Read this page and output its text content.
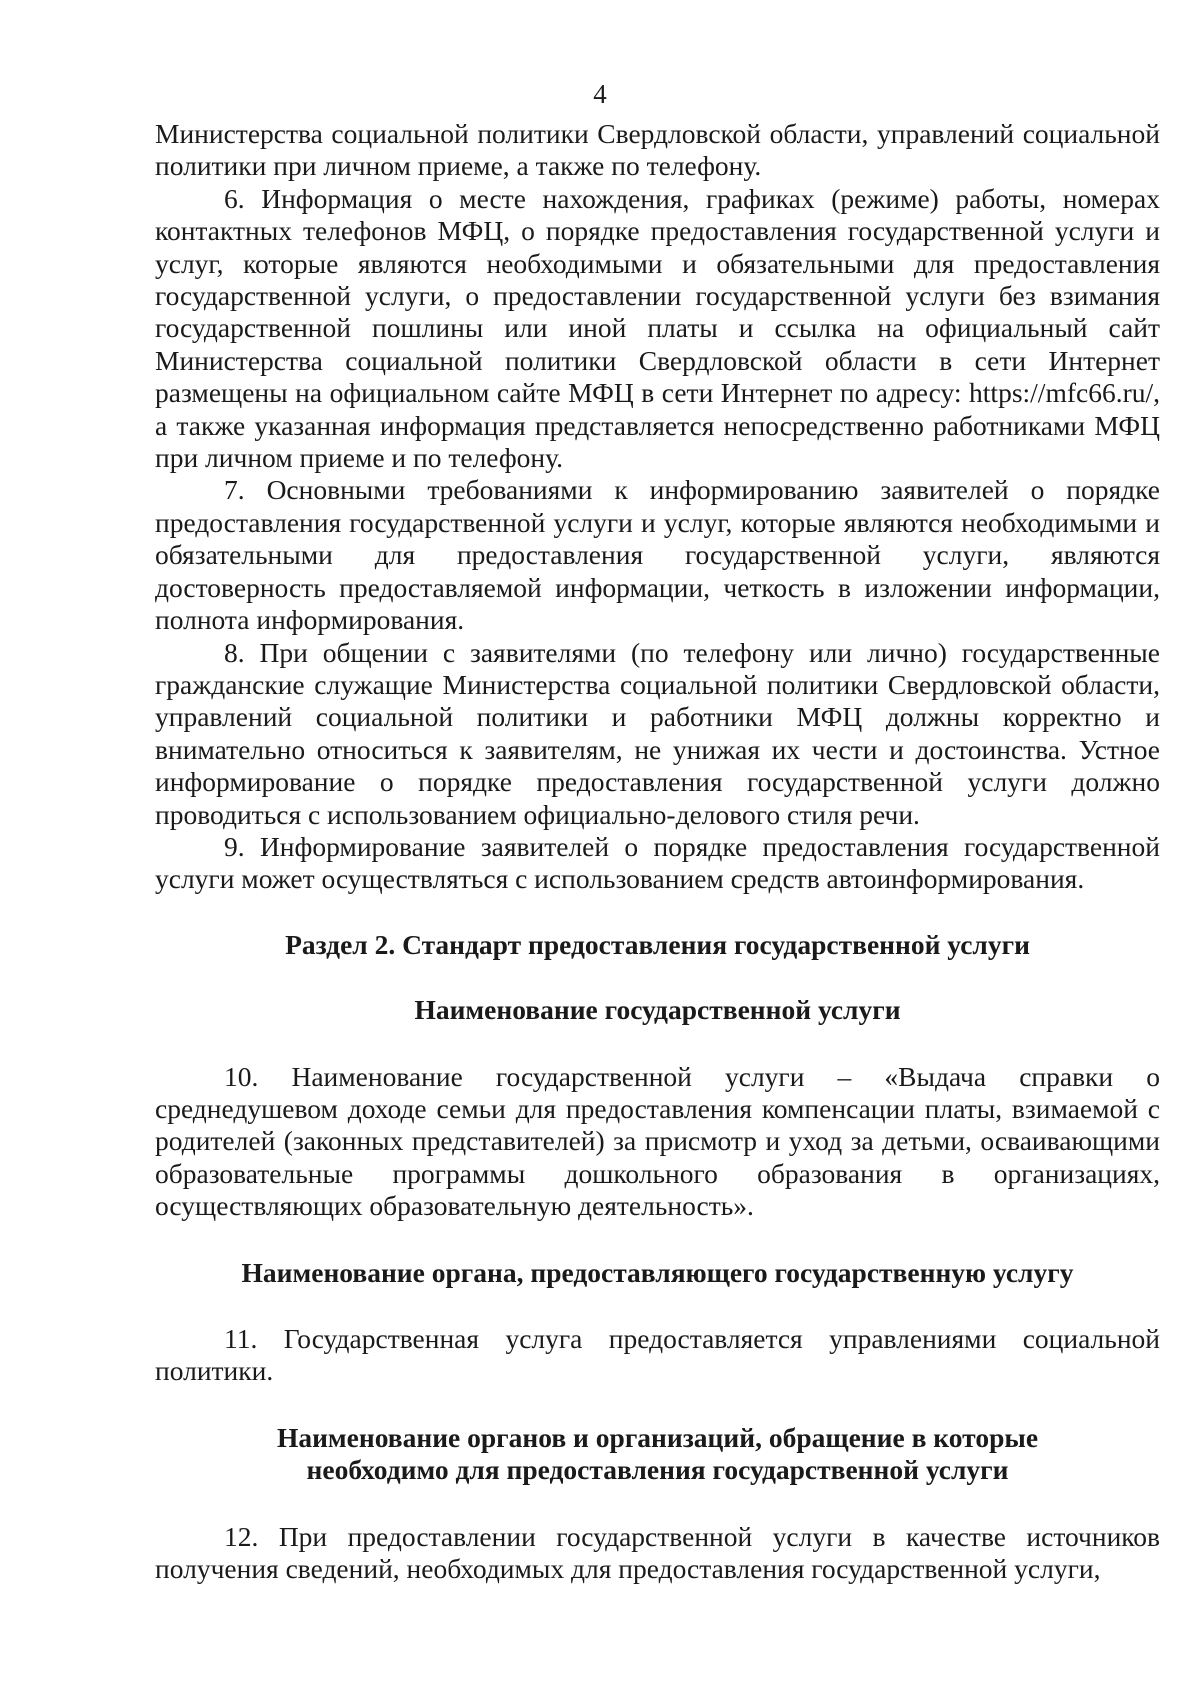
4

Министерства социальной политики Свердловской области, управлений социальной политики при личном приеме, а также по телефону.

6. Информация о месте нахождения, графиках (режиме) работы, номерах контактных телефонов МФЦ, о порядке предоставления государственной услуги и услуг, которые являются необходимыми и обязательными для предоставления государственной услуги, о предоставлении государственной услуги без взимания государственной пошлины или иной платы и ссылка на официальный сайт Министерства социальной политики Свердловской области в сети Интернет размещены на официальном сайте МФЦ в сети Интернет по адресу: https://mfc66.ru/, а также указанная информация представляется непосредственно работниками МФЦ при личном приеме и по телефону.

7. Основными требованиями к информированию заявителей о порядке предоставления государственной услуги и услуг, которые являются необходимыми и обязательными для предоставления государственной услуги, являются достоверность предоставляемой информации, четкость в изложении информации, полнота информирования.

8. При общении с заявителями (по телефону или лично) государственные гражданские служащие Министерства социальной политики Свердловской области, управлений социальной политики и работники МФЦ должны корректно и внимательно относиться к заявителям, не унижая их чести и достоинства. Устное информирование о порядке предоставления государственной услуги должно проводиться с использованием официально-делового стиля речи.

9. Информирование заявителей о порядке предоставления государственной услуги может осуществляться с использованием средств автоинформирования.

Раздел 2. Стандарт предоставления государственной услуги

Наименование государственной услуги

10. Наименование государственной услуги – «Выдача справки о среднедушевом доходе семьи для предоставления компенсации платы, взимаемой с родителей (законных представителей) за присмотр и уход за детьми, осваивающими образовательные программы дошкольного образования в организациях, осуществляющих образовательную деятельность».

Наименование органа, предоставляющего государственную услугу

11. Государственная услуга предоставляется управлениями социальной политики.

Наименование органов и организаций, обращение в которые

необходимо для предоставления государственной услуги

12. При предоставлении государственной услуги в качестве источников получения сведений, необходимых для предоставления государственной услуги,
